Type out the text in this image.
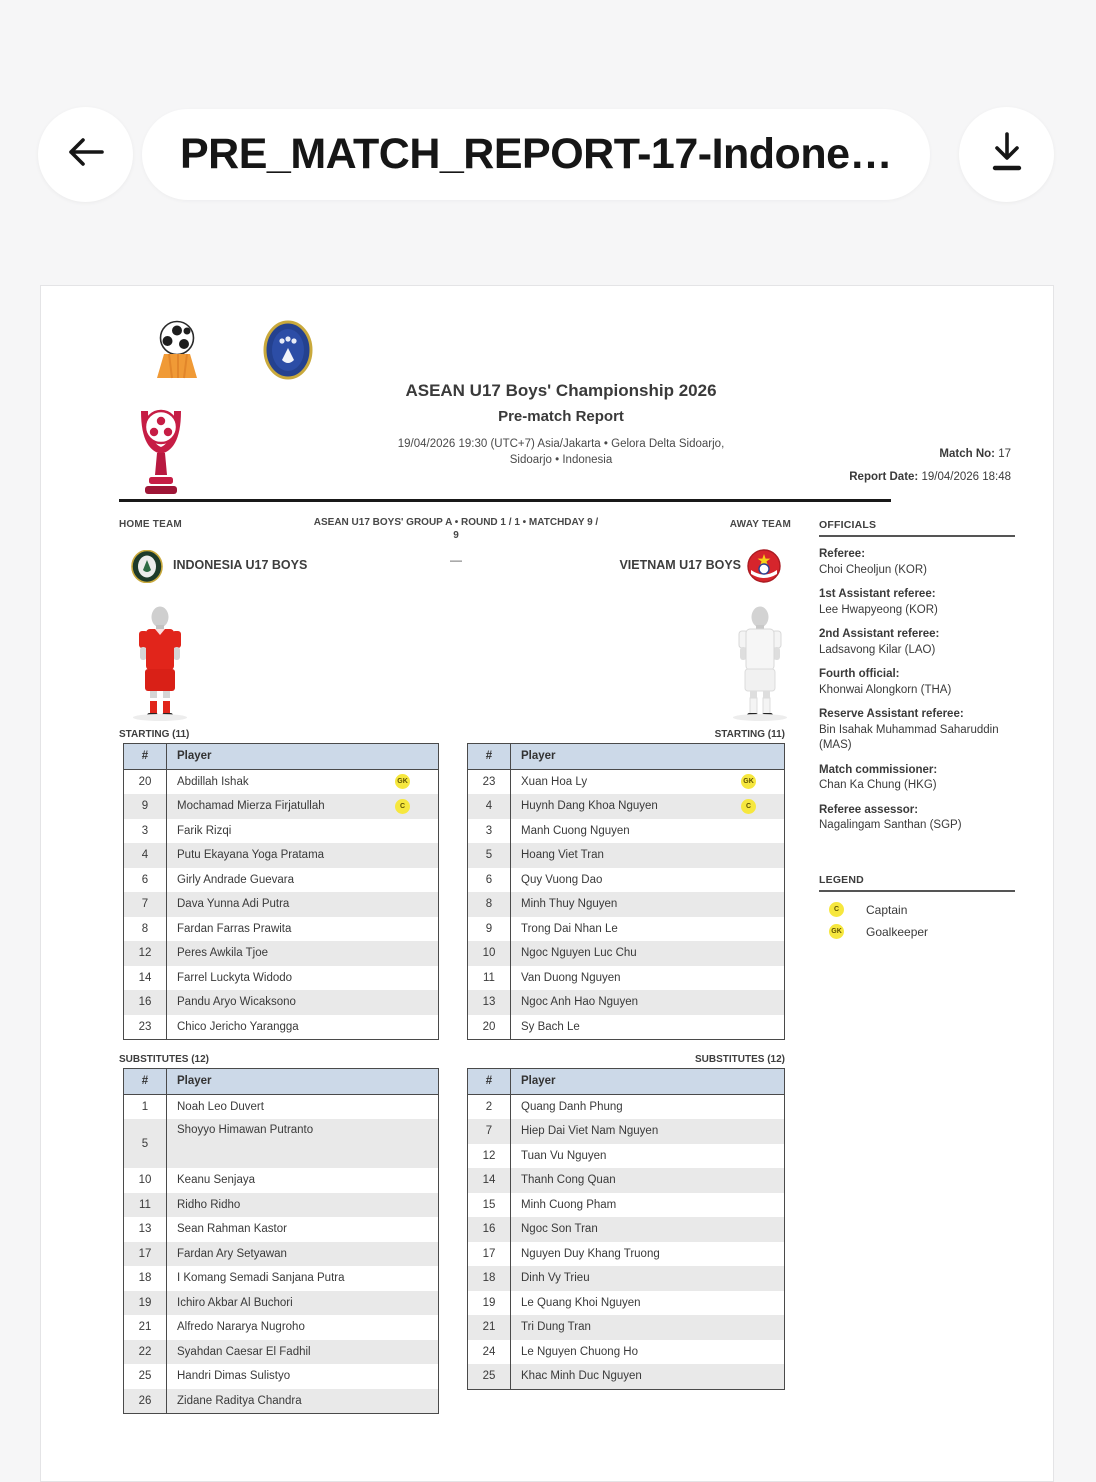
PRE_MATCH_REPORT-17-Indone…
ASEAN U17 Boys' Championship 2026
Pre-match Report
19/04/2026 19:30 (UTC+7) Asia/Jakarta • Gelora Delta Sidoarjo,
Sidoarjo • Indonesia	Match No: 17
Report Date: 19/04/2026 18:48
HOME TEAM	ASEAN U17 BOYS' GROUP A • ROUND 1 / 1 • MATCHDAY 9 /
9
AWAY TEAM
—
INDONESIA U17 BOYS	VIETNAM U17 BOYS
STARTING (11)	STARTING (11)
#	Player
20	Abdillah Ishak GK

9	Mochamad Mierza Firjatullah C

3	Farik Rizqi

4	Putu Ekayana Yoga Pratama

6	Girly Andrade Guevara

7	Dava Yunna Adi Putra

8	Fardan Farras Prawita

12	Peres Awkila Tjoe

14	Farrel Luckyta Widodo

16	Pandu Aryo Wicaksono

23	Chico Jericho Yarangga
#	Player
23	Xuan Hoa Ly GK

4	Huynh Dang Khoa Nguyen C

3	Manh Cuong Nguyen

5	Hoang Viet Tran

6	Quy Vuong Dao

8	Minh Thuy Nguyen

9	Trong Dai Nhan Le

10	Ngoc Nguyen Luc Chu

11	Van Duong Nguyen

13	Ngoc Anh Hao Nguyen

20	Sy Bach Le
SUBSTITUTES (12)	SUBSTITUTES (12)
#	Player
1	Noah Leo Duvert

5	Shoyyo Himawan Putranto

10	Keanu Senjaya

11	Ridho Ridho

13	Sean Rahman Kastor

17	Fardan Ary Setyawan

18	I Komang Semadi Sanjana Putra

19	Ichiro Akbar Al Buchori

21	Alfredo Nararya Nugroho

22	Syahdan Caesar El Fadhil

25	Handri Dimas Sulistyo

26	Zidane Raditya Chandra
#	Player
2	Quang Danh Phung

7	Hiep Dai Viet Nam Nguyen

12	Tuan Vu Nguyen

14	Thanh Cong Quan

15	Minh Cuong Pham

16	Ngoc Son Tran

17	Nguyen Duy Khang Truong

18	Dinh Vy Trieu

19	Le Quang Khoi Nguyen

21	Tri Dung Tran

24	Le Nguyen Chuong Ho

25	Khac Minh Duc Nguyen
OFFICIALS
Referee:
Choi Cheoljun (KOR)
1st Assistant referee:
Lee Hwapyeong (KOR)
2nd Assistant referee:
Ladsavong Kilar (LAO)
Fourth official:
Khonwai Alongkorn (THA)
Reserve Assistant referee:
Bin Isahak Muhammad Saharuddin (MAS)
Match commissioner:
Chan Ka Chung (HKG)
Referee assessor:
Nagalingam Santhan (SGP)
LEGEND
C	Captain
GK Goalkeeper
